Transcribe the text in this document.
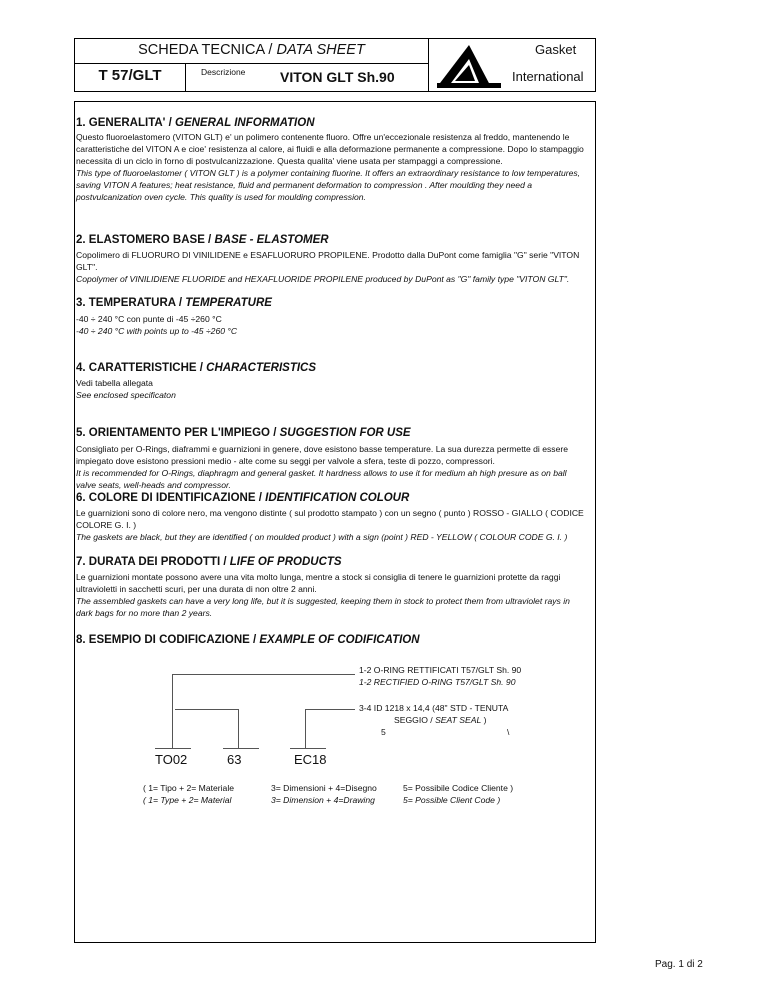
SCHEDA TECNICA / DATA SHEET
T 57/GLT	Descrizione VITON GLT Sh.90
Gasket
International
1. GENERALITA' / GENERAL INFORMATION
Questo fluoroelastomero (VITON GLT) e' un polimero contenente fluoro. Offre un'eccezionale resistenza al freddo, mantenendo le caratteristiche del VITON A e cioe' resistenza al calore, ai fluidi e alla deformazione permanente a compressione. Dopo lo stampaggio necessita di un ciclo in forno di postvulcanizzazione. Questa qualita' viene usata per stampaggi a compressione.
This type of fluoroelastomer ( VITON GLT ) is a polymer containing fluorine. It offers an extraordinary resistance to low temperatures, saving VITON A features; heat resistance, fluid and permanent deformation to compression . After moulding they need a postvulcanization oven cycle. This quality is used for moulding compression.
2. ELASTOMERO BASE / BASE - ELASTOMER
Copolimero di FLUORURO DI VINILIDENE e ESAFLUORURO PROPILENE. Prodotto dalla DuPont come famiglia "G" serie "VITON GLT".
Copolymer of VINILIDIENE FLUORIDE and HEXAFLUORIDE PROPILENE produced by DuPont as "G" family type "VITON GLT".
3. TEMPERATURA / TEMPERATURE
-40 ÷ 240 °C con punte di -45 ÷260 °C
-40 ÷ 240 °C with points up to -45 ÷260 °C
4. CARATTERISTICHE / CHARACTERISTICS
Vedi tabella allegata
See enclosed specificaton
5. ORIENTAMENTO PER L'IMPIEGO / SUGGESTION FOR USE
Consigliato per O-Rings, diaframmi e guarnizioni in genere, dove esistono basse temperature. La sua durezza permette di essere impiegato dove esistono pressioni medio - alte come su seggi per valvole a sfera, teste di pozzo, compressori.
It is recommended for O-Rings, diaphragm and general gasket. It hardness allows to use it for medium ah high presure as on ball valve seats, well-heads and compressor.
6. COLORE DI IDENTIFICAZIONE / IDENTIFICATION COLOUR
Le guarnizioni sono di colore nero, ma vengono distinte ( sul prodotto stampato ) con un segno ( punto ) ROSSO - GIALLO ( CODICE COLORE G. I. )
The gaskets are black, but they are identified ( on moulded product ) with a sign (point ) RED - YELLOW ( COLOUR CODE G. I. )
7. DURATA DEI PRODOTTI / LIFE OF PRODUCTS
Le guarnizioni montate possono avere una vita molto lunga, mentre a stock si consiglia di tenere le guarnizioni protette da raggi ultravioletti in sacchetti scuri, per una durata di non oltre 2 anni.
The assembled gaskets can have a very long life, but it is suggested, keeping them in stock to protect them from ultraviolet rays in dark bags for no more than 2 years.
8. ESEMPIO DI CODIFICAZIONE / EXAMPLE OF CODIFICATION
1-2 O-RING RETTIFICATI T57/GLT Sh. 90
1-2 RECTIFIED O-RING T57/GLT Sh. 90
3-4 ID 1218 x 14,4 (48" STD - TENUTA
SEGGIO / SEAT SEAL )
5	\
TO02	63	EC18
( 1= Tipo + 2= Materiale
( 1= Type + 2= Material
3= Dimensioni + 4=Disegno
3= Dimension + 4=Drawing
5= Possibile Codice Cliente )
5= Possible Client Code )
Pag. 1 di 2
